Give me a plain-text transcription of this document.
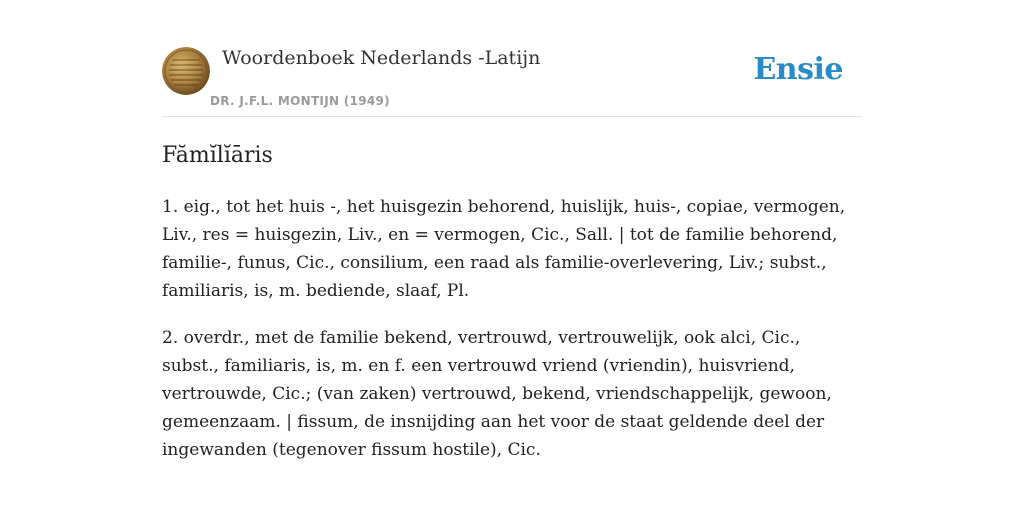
Woordenboek Nederlands -Latijn
DR. J.F.L. MONTIJN (1949)
Ensie
Fămĭlĭāris

1. eig., tot het huis -, het huisgezin behorend, huislijk, huis-, copiae, vermogen, Liv., res = huisgezin, Liv., en = vermogen, Cic., Sall. | tot de familie behorend, familie-, funus, Cic., consilium, een raad als familie-overlevering, Liv.; subst., familiaris, is, m. bediende, slaaf, Pl.

2. overdr., met de familie bekend, vertrouwd, vertrouwelijk, ook alci, Cic., subst., familiaris, is, m. en f. een vertrouwd vriend (vriendin), huisvriend, vertrouwde, Cic.; (van zaken) vertrouwd, bekend, vriendschappelijk, gewoon, gemeenzaam. | fissum, de insnijding aan het voor de staat geldende deel der ingewanden (tegenover fissum hostile), Cic.
